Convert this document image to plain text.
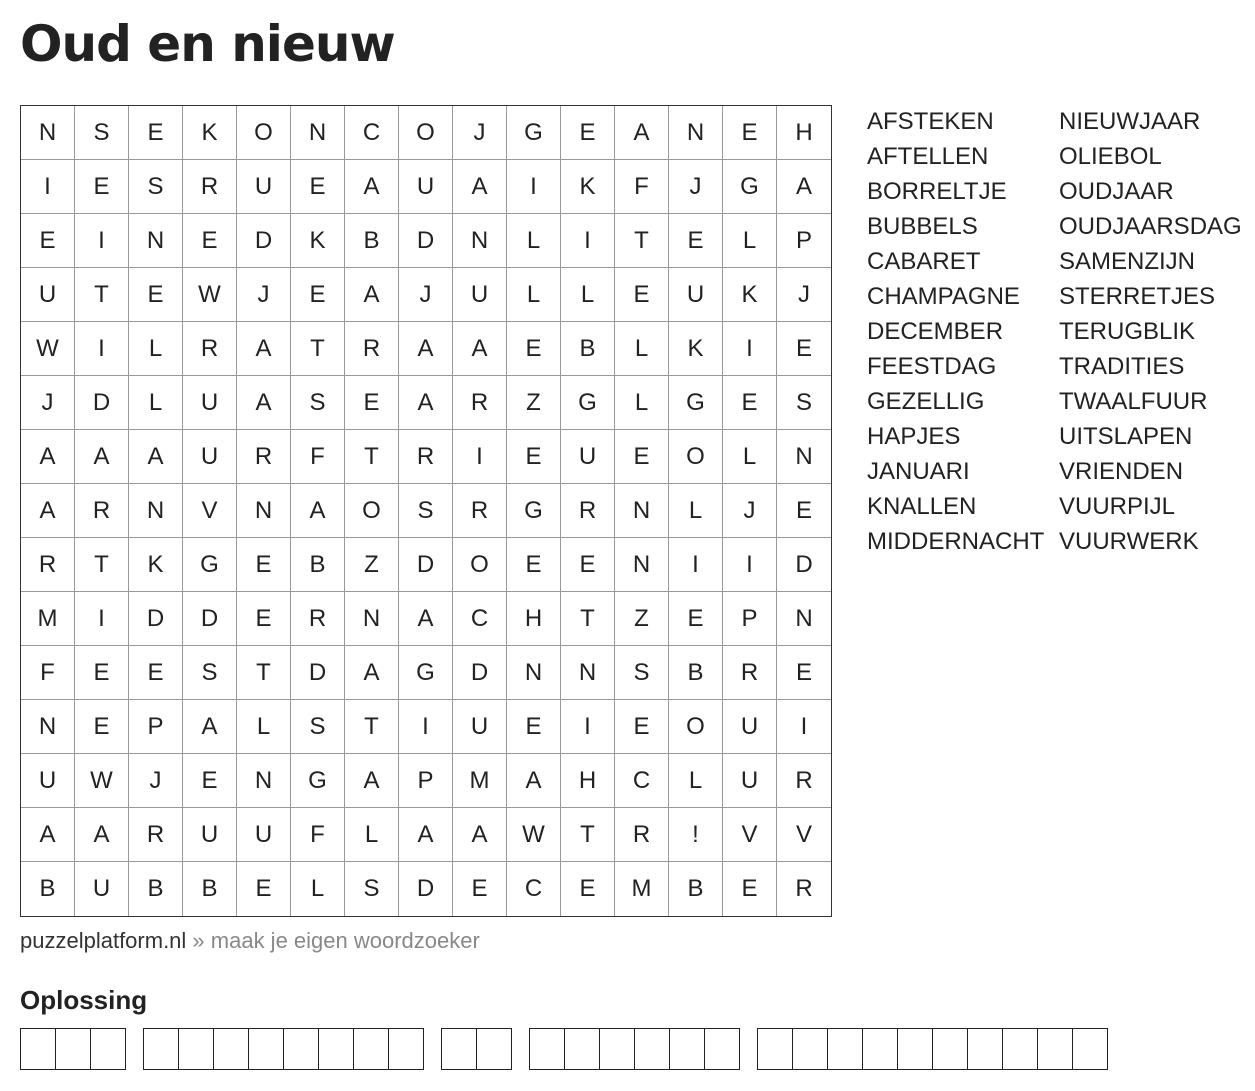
Oud en nieuw
N	S	E	K	O	N	C	O	J	G	E	A	N	E	H
I	E	S	R	U	E	A	U	A	I	K	F	J	G	A
E	I	N	E	D	K	B	D	N	L	I	T	E	L	P
U	T	E	W	J	E	A	J	U	L	L	E	U	K	J
W	I	L	R	A	T	R	A	A	E	B	L	K	I	E
J	D	L	U	A	S	E	A	R	Z	G	L	G	E	S
A	A	A	U	R	F	T	R	I	E	U	E	O	L	N
A	R	N	V	N	A	O	S	R	G	R	N	L	J	E
R	T	K	G	E	B	Z	D	O	E	E	N	I	I	D
M	I	D	D	E	R	N	A	C	H	T	Z	E	P	N
F	E	E	S	T	D	A	G	D	N	N	S	B	R	E
N	E	P	A	L	S	T	I	U	E	I	E	O	U	I
U	W	J	E	N	G	A	P	M	A	H	C	L	U	R
A	A	R	U	U	F	L	A	A	W	T	R	!	V	V
B	U	B	B	E	L	S	D	E	C	E	M	B	E	R
AFSTEKEN
AFTELLEN
BORRELTJE
BUBBELS
CABARET
CHAMPAGNE
DECEMBER
FEESTDAG
GEZELLIG
HAPJES
JANUARI
KNALLEN
MIDDERNACHT
NIEUWJAAR
OLIEBOL
OUDJAAR
OUDJAARSDAG
SAMENZIJN
STERRETJES
TERUGBLIK
TRADITIES
TWAALFUUR
UITSLAPEN
VRIENDEN
VUURPIJL
VUURWERK
puzzelplatform.nl » maak je eigen woordzoeker
Oplossing
